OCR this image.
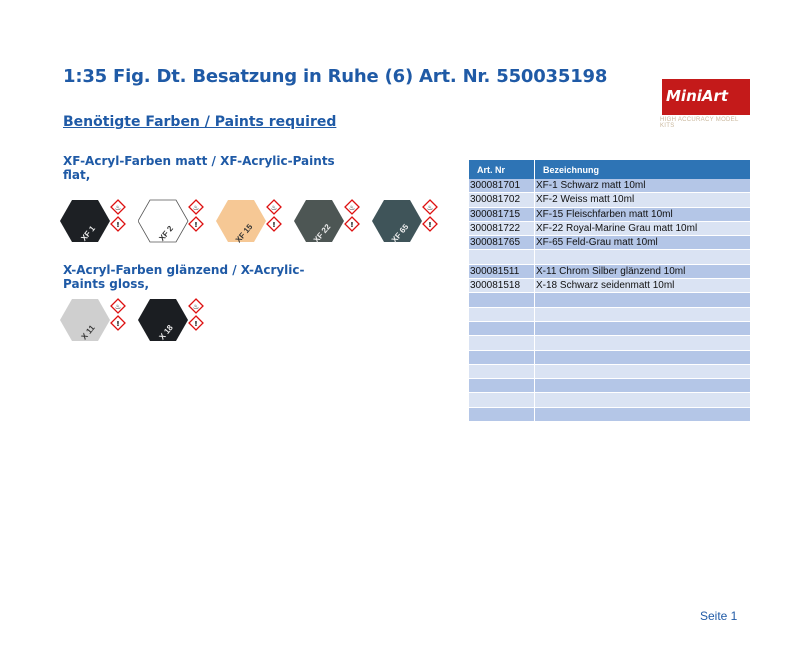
1:35 Fig. Dt. Besatzung in Ruhe (6) Art. Nr. 550035198
MiniArt
HIGH ACCURACY MODEL KITS
Benötigte Farben / Paints required
XF-Acryl-Farben matt / XF-Acrylic-Paints flat,
XF 1
♨
!	XF 2
♨
!	XF 15
♨
!	XF 22
♨
!	XF 65
♨
!
X-Acryl-Farben glänzend / X-Acrylic-Paints gloss,
X 11
♨
!	X 18
♨
!
Art. Nr	Bezeichnung
300081701	XF-1 Schwarz matt 10ml
300081702	XF-2 Weiss matt 10ml
300081715	XF-15 Fleischfarben matt 10ml
300081722	XF-22 Royal-Marine Grau matt 10ml
300081765	XF-65 Feld-Grau matt 10ml

300081511	X-11 Chrom Silber glänzend 10ml
300081518	X-18 Schwarz seidenmatt 10ml

Seite 1
